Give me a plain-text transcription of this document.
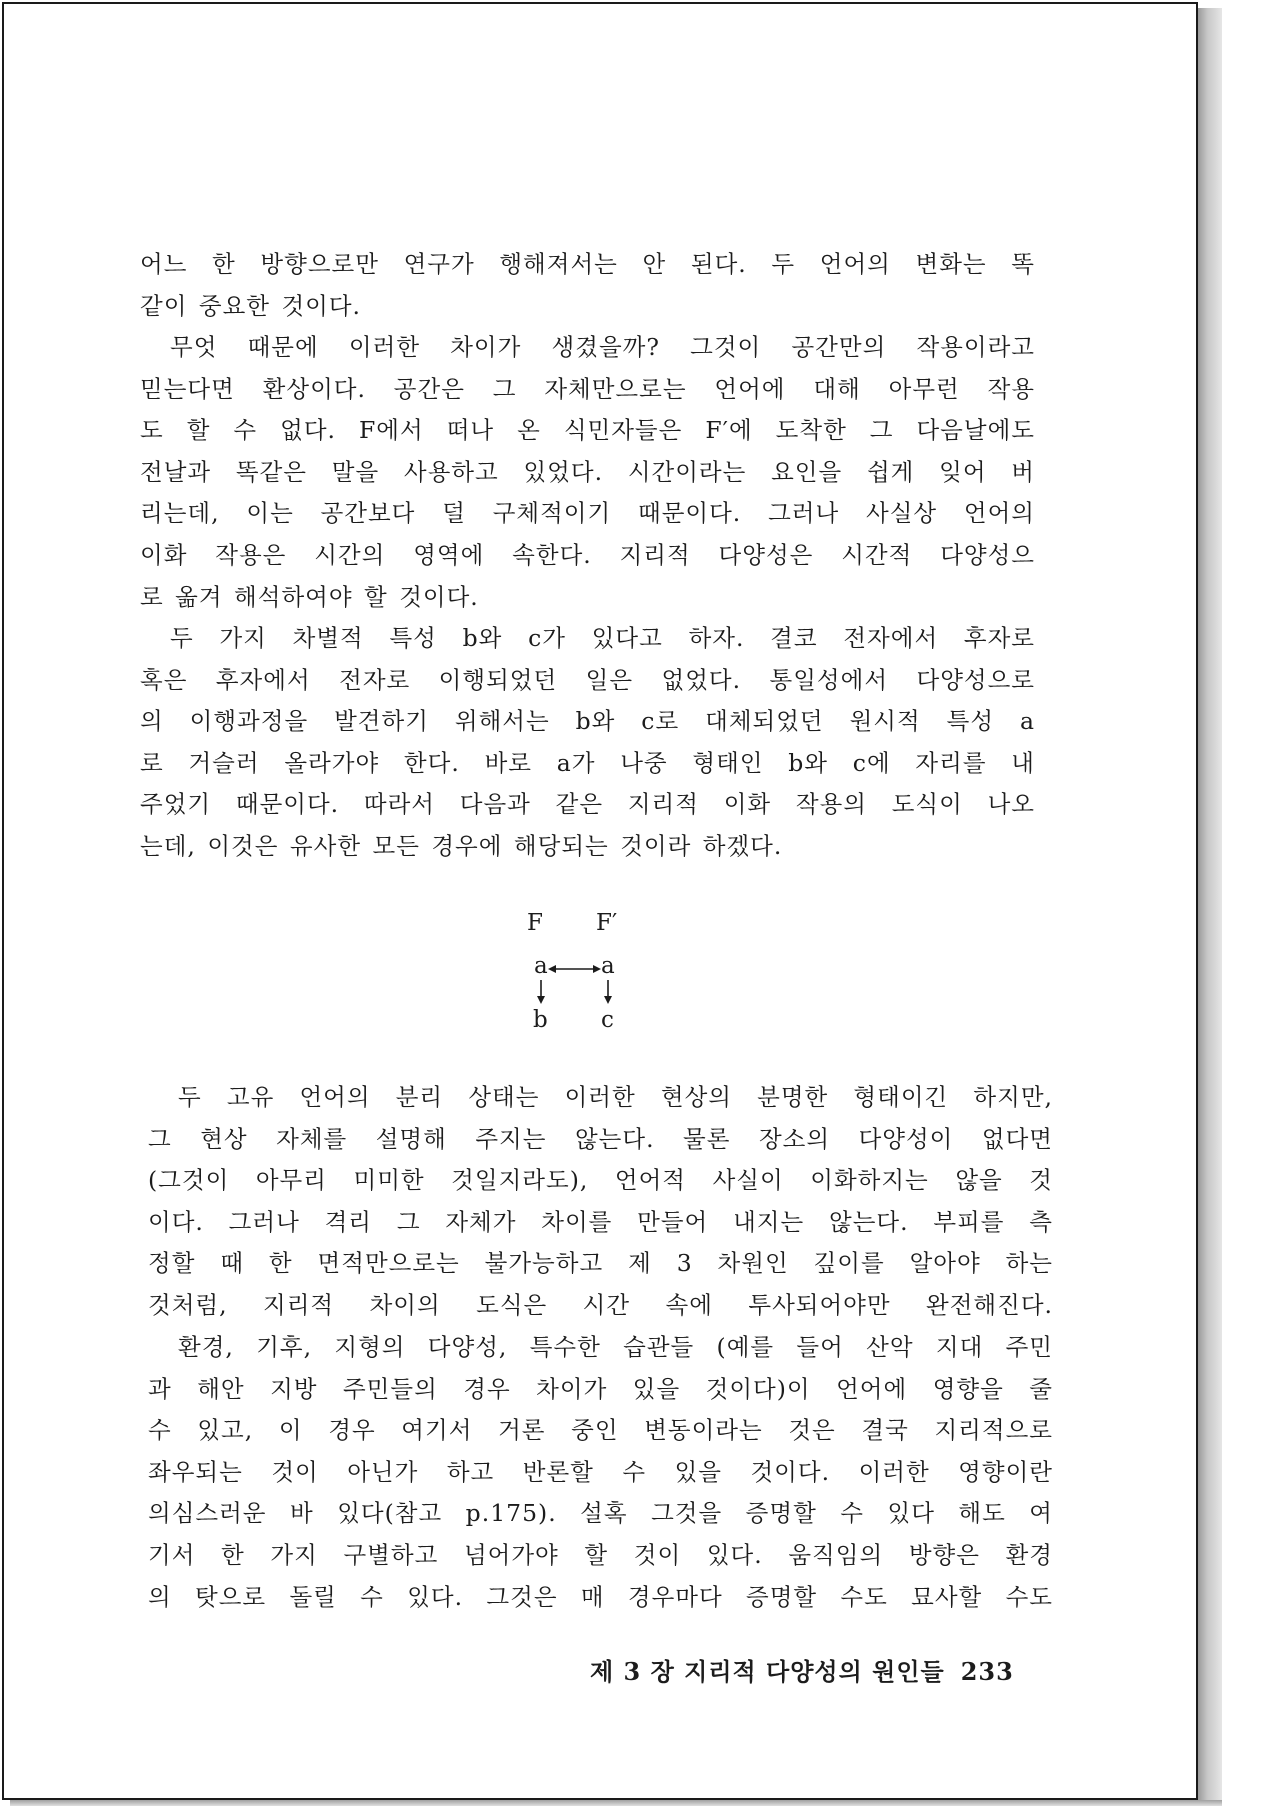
어느 한 방향으로만 연구가 행해져서는 안 된다. 두 언어의 변화는 똑
같이 중요한 것이다.

무엇 때문에 이러한 차이가 생겼을까? 그것이 공간만의 작용이라고
믿는다면 환상이다. 공간은 그 자체만으로는 언어에 대해 아무런 작용
도 할 수 없다. F에서 떠나 온 식민자들은 F′에 도착한 그 다음날에도
전날과 똑같은 말을 사용하고 있었다. 시간이라는 요인을 쉽게 잊어 버
리는데, 이는 공간보다 덜 구체적이기 때문이다. 그러나 사실상 언어의
이화 작용은 시간의 영역에 속한다. 지리적 다양성은 시간적 다양성으
로 옮겨 해석하여야 할 것이다.

두 가지 차별적 특성 b와 c가 있다고 하자. 결코 전자에서 후자로
혹은 후자에서 전자로 이행되었던 일은 없었다. 통일성에서 다양성으로
의 이행과정을 발견하기 위해서는 b와 c로 대체되었던 원시적 특성 a
로 거슬러 올라가야 한다. 바로 a가 나중 형태인 b와 c에 자리를 내
주었기 때문이다. 따라서 다음과 같은 지리적 이화 작용의 도식이 나오
는데, 이것은 유사한 모든 경우에 해당되는 것이라 하겠다.

F F′
a a
b c

두 고유 언어의 분리 상태는 이러한 현상의 분명한 형태이긴 하지만,
그 현상 자체를 설명해 주지는 않는다. 물론 장소의 다양성이 없다면
(그것이 아무리 미미한 것일지라도), 언어적 사실이 이화하지는 않을 것
이다. 그러나 격리 그 자체가 차이를 만들어 내지는 않는다. 부피를 측
정할 때 한 면적만으로는 불가능하고 제 3 차원인 깊이를 알아야 하는
것처럼, 지리적 차이의 도식은 시간 속에 투사되어야만 완전해진다.

환경, 기후, 지형의 다양성, 특수한 습관들 (예를 들어 산악 지대 주민
과 해안 지방 주민들의 경우 차이가 있을 것이다)이 언어에 영향을 줄
수 있고, 이 경우 여기서 거론 중인 변동이라는 것은 결국 지리적으로
좌우되는 것이 아닌가 하고 반론할 수 있을 것이다. 이러한 영향이란
의심스러운 바 있다(참고 p.175). 설혹 그것을 증명할 수 있다 해도 여
기서 한 가지 구별하고 넘어가야 할 것이 있다. 움직임의 방향은 환경
의 탓으로 돌릴 수 있다. 그것은 매 경우마다 증명할 수도 묘사할 수도

제 3 장 지리적 다양성의 원인들 233
